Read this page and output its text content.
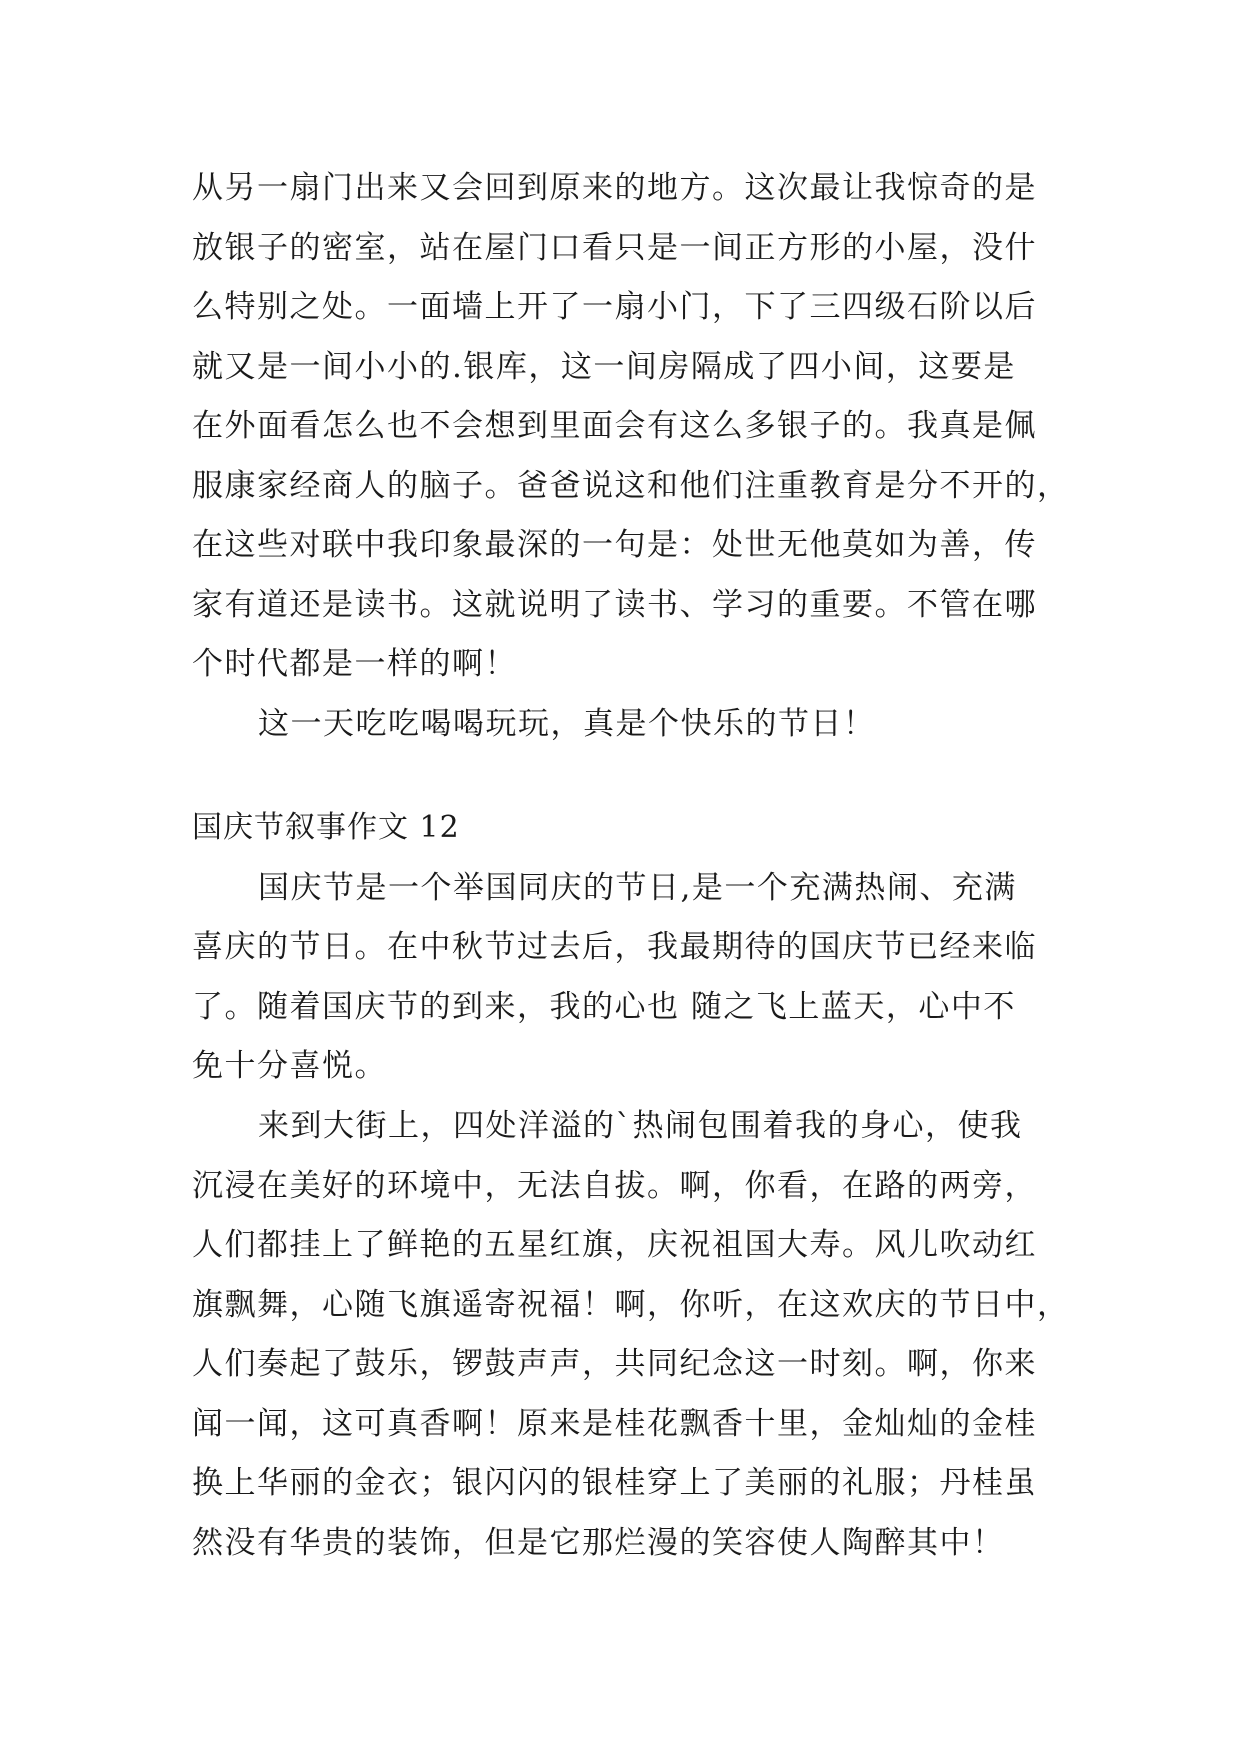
从另一扇门出来又会回到原来的地方。这次最让我惊奇的是
放银子的密室，站在屋门口看只是一间正方形的小屋，没什
么特别之处。一面墙上开了一扇小门，下了三四级石阶以后
就又是一间小小的.银库，这一间房隔成了四小间，这要是
在外面看怎么也不会想到里面会有这么多银子的。我真是佩
服康家经商人的脑子。爸爸说这和他们注重教育是分不开的，
在这些对联中我印象最深的一句是：处世无他莫如为善，传
家有道还是读书。这就说明了读书、学习的重要。不管在哪
个时代都是一样的啊！
这一天吃吃喝喝玩玩，真是个快乐的节日！
国庆节叙事作文 12
国庆节是一个举国同庆的节日,是一个充满热闹、充满
喜庆的节日。在中秋节过去后，我最期待的国庆节已经来临
了。随着国庆节的到来，我的心也 随之飞上蓝天，心中不
免十分喜悦。
来到大街上，四处洋溢的`热闹包围着我的身心，使我
沉浸在美好的环境中，无法自拔。啊，你看，在路的两旁，
人们都挂上了鲜艳的五星红旗，庆祝祖国大寿。风儿吹动红
旗飘舞，心随飞旗遥寄祝福！啊，你听，在这欢庆的节日中，
人们奏起了鼓乐，锣鼓声声，共同纪念这一时刻。啊，你来
闻一闻，这可真香啊！原来是桂花飘香十里，金灿灿的金桂
换上华丽的金衣；银闪闪的银桂穿上了美丽的礼服；丹桂虽
然没有华贵的装饰，但是它那烂漫的笑容使人陶醉其中！
